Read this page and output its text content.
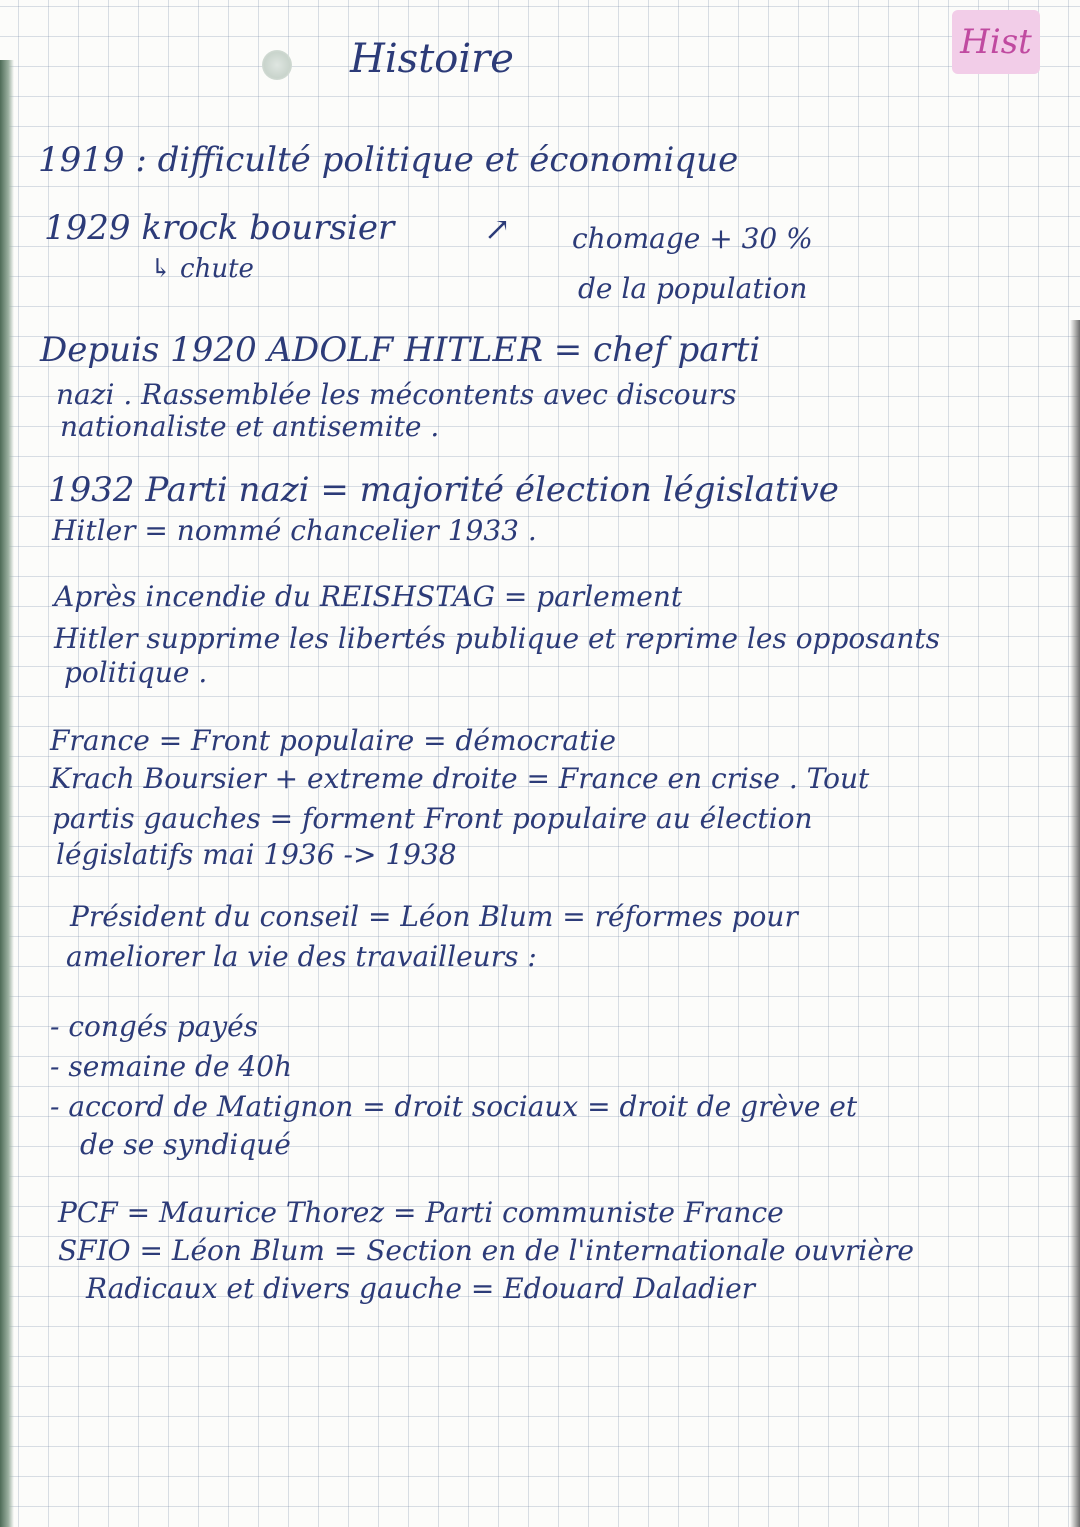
Hist
Histoire
1919 : difficulté politique et économique
1929 krock boursier	↗ chomage + 30 %
de la population
↳ chute
Depuis 1920 ADOLF HITLER = chef parti
nazi . Rassemblée les mécontents avec discours
nationaliste et antisemite .
1932 Parti nazi = majorité élection législative
Hitler = nommé chancelier 1933 .
Après incendie du REISHSTAG = parlement
Hitler supprime les libertés publique et reprime les opposants
politique .
France = Front populaire = démocratie
Krach Boursier + extreme droite = France en crise . Tout
partis gauches = forment Front populaire au élection
législatifs mai 1936 -> 1938
Président du conseil = Léon Blum = réformes pour
ameliorer la vie des travailleurs :
- congés payés
- semaine de 40h
- accord de Matignon = droit sociaux = droit de grève et
de se syndiqué
PCF = Maurice Thorez = Parti communiste France
SFIO = Léon Blum = Section en de l'internationale ouvrière
Radicaux et divers gauche = Edouard Daladier
